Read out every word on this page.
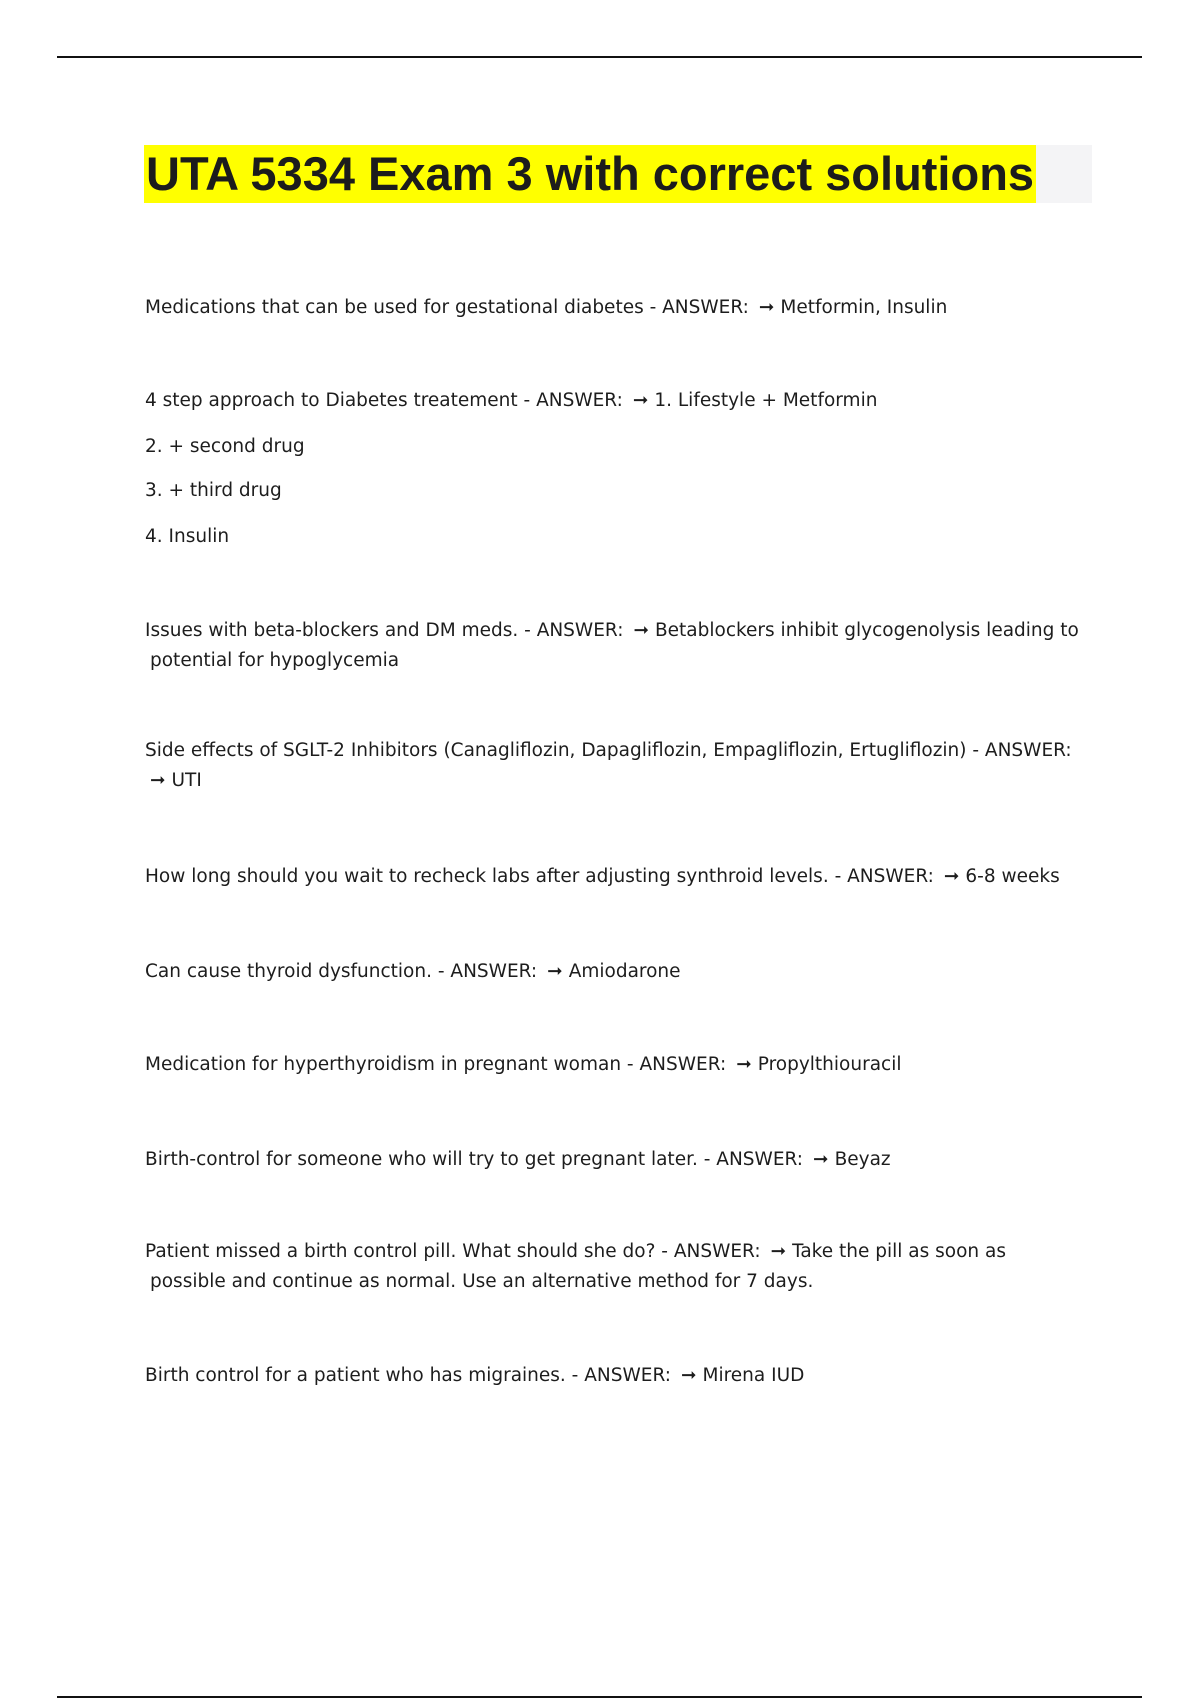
UTA 5334 Exam 3 with correct solutions
Medications that can be used for gestational diabetes - ANSWER: ➞ Metformin, Insulin
4 step approach to Diabetes treatement - ANSWER: ➞ 1. Lifestyle + Metformin
2. + second drug
3. + third drug
4. Insulin
Issues with beta-blockers and DM meds. - ANSWER: ➞ Betablockers inhibit glycogenolysis leading to
potential for hypoglycemia
Side effects of SGLT-2 Inhibitors (Canagliflozin, Dapagliflozin, Empagliflozin, Ertugliflozin) - ANSWER:
➞ UTI
How long should you wait to recheck labs after adjusting synthroid levels. - ANSWER: ➞ 6-8 weeks
Can cause thyroid dysfunction. - ANSWER: ➞ Amiodarone
Medication for hyperthyroidism in pregnant woman - ANSWER: ➞ Propylthiouracil
Birth-control for someone who will try to get pregnant later. - ANSWER: ➞ Beyaz
Patient missed a birth control pill. What should she do? - ANSWER: ➞ Take the pill as soon as
possible and continue as normal. Use an alternative method for 7 days.
Birth control for a patient who has migraines. - ANSWER: ➞ Mirena IUD
